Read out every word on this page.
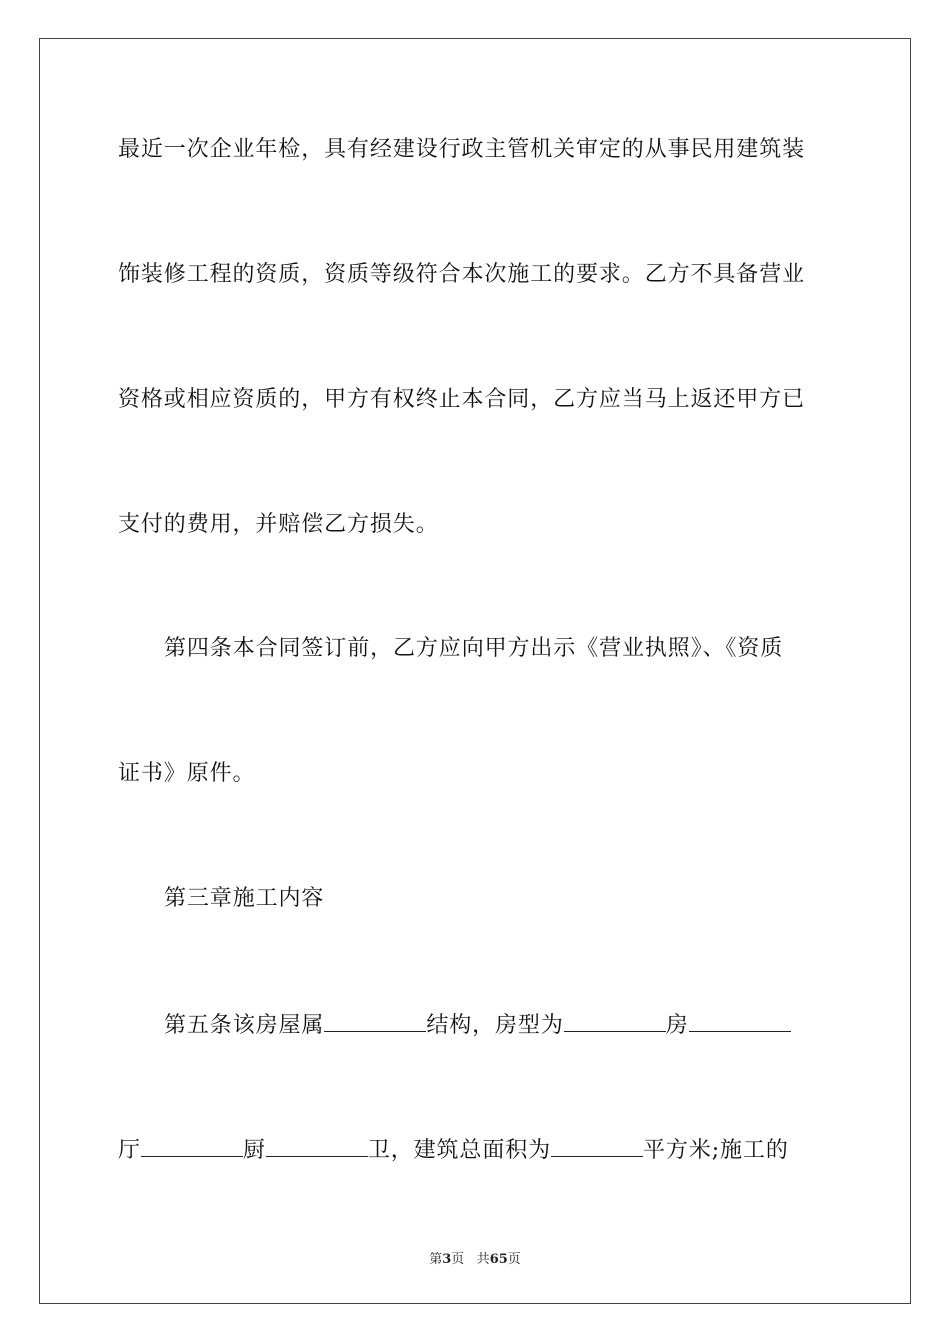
最近一次企业年检，具有经建设行政主管机关审定的从事民用建筑装
饰装修工程的资质，资质等级符合本次施工的要求。乙方不具备营业
资格或相应资质的，甲方有权终止本合同，乙方应当马上返还甲方已
支付的费用，并赔偿乙方损失。
第四条本合同签订前，乙方应向甲方出示《营业执照》、《资质
证书》原件。
第三章施工内容
第五条该房屋属	结构，房型为	房
厅	厨	卫，建筑总面积为	平方米;施工的
第3页 共65页
